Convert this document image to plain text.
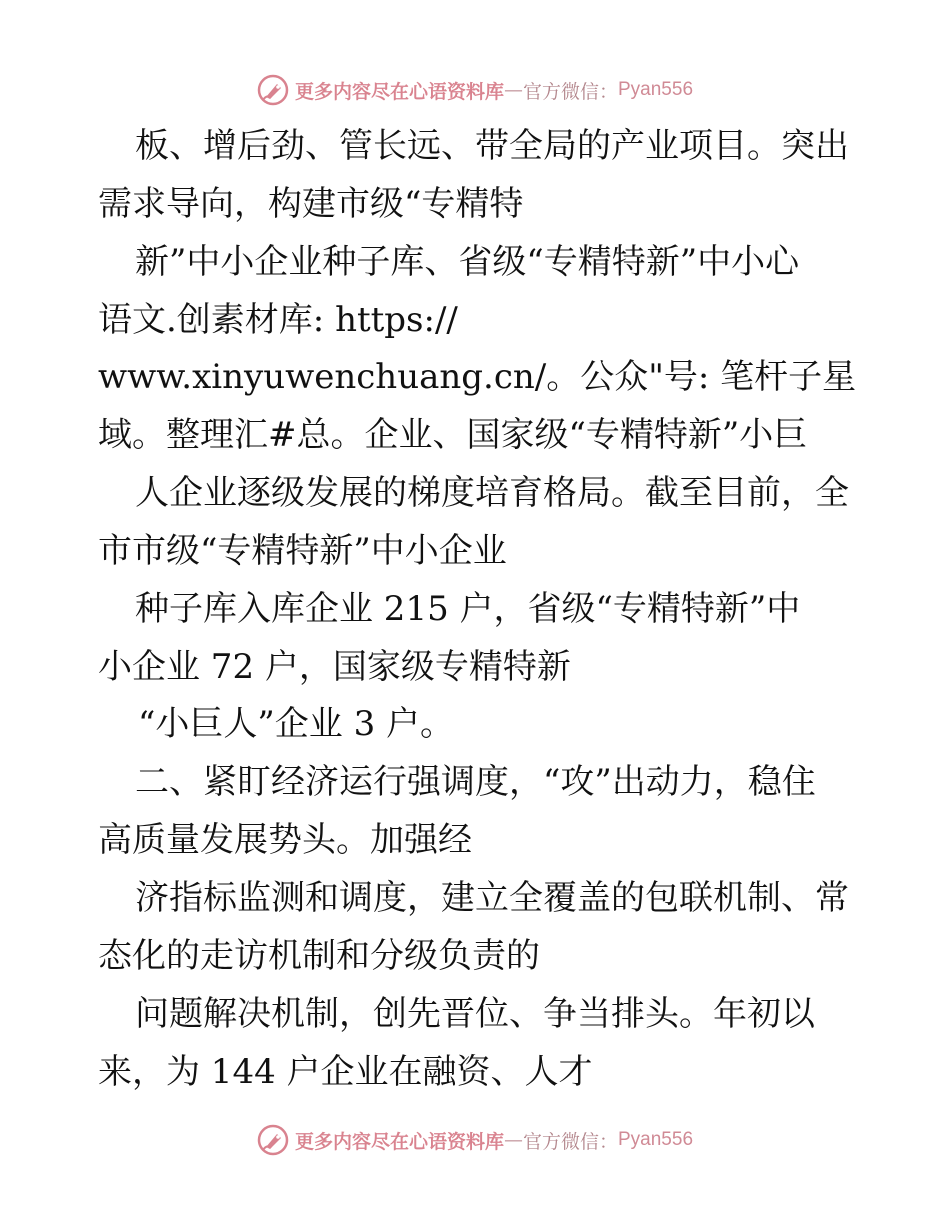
更多内容尽在心语资料库 — 官方微信： Pyan556
板、增后劲、管长远、带全局的产业项目。突出
需求导向，构建市级“专精特
新”中小企业种子库、省级“专精特新”中小心
语文.创素材库: https://
www.xinyuwenchuang.cn/。公众"号: 笔杆子星
域。整理汇#总。企业、国家级“专精特新”小巨
人企业逐级发展的梯度培育格局。截至目前，全
市市级“专精特新”中小企业
种子库入库企业 215 户，省级“专精特新”中
小企业 72 户，国家级专精特新
“小巨人”企业 3 户。
二、紧盯经济运行强调度，“攻”出动力，稳住
高质量发展势头。加强经
济指标监测和调度，建立全覆盖的包联机制、常
态化的走访机制和分级负责的
问题解决机制，创先晋位、争当排头。年初以
来，为 144 户企业在融资、人才
更多内容尽在心语资料库 — 官方微信： Pyan556
